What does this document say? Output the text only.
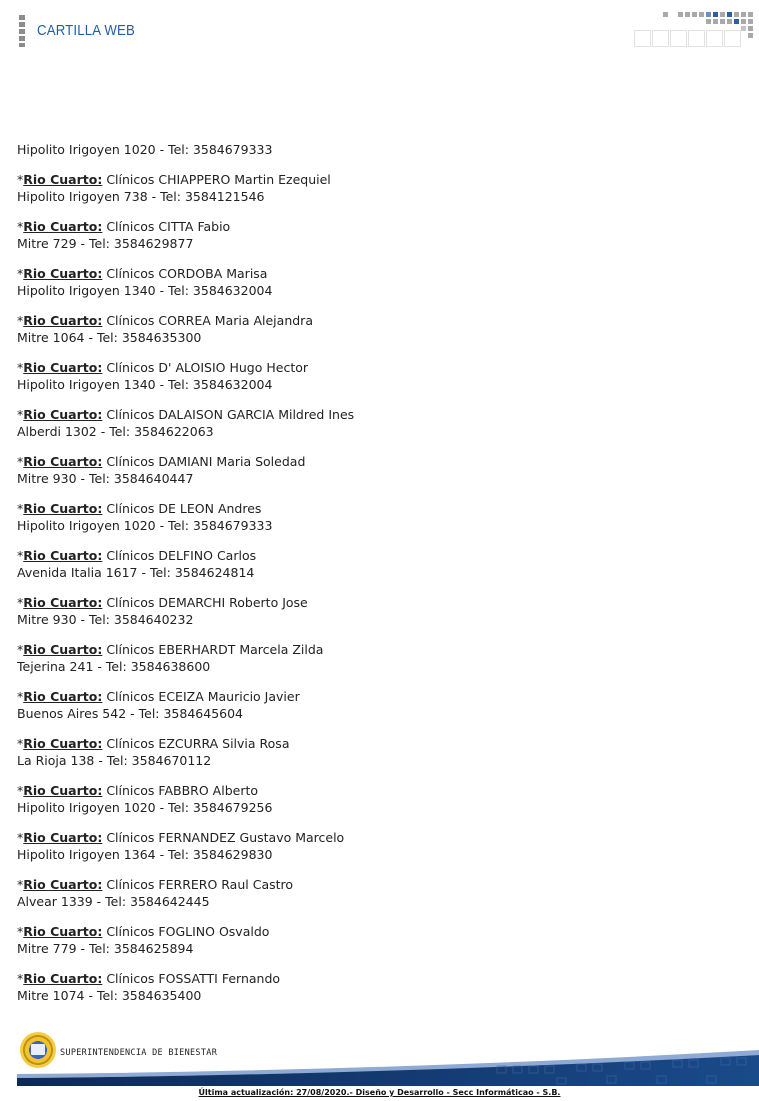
CARTILLA WEB
Hipolito Irigoyen 1020 - Tel: 3584679333

*Rio Cuarto: Clínicos CHIAPPERO Martin Ezequiel

Hipolito Irigoyen 738 - Tel: 3584121546

*Rio Cuarto: Clínicos CITTA Fabio

Mitre 729 - Tel: 3584629877

*Rio Cuarto: Clínicos CORDOBA Marisa

Hipolito Irigoyen 1340 - Tel: 3584632004

*Rio Cuarto: Clínicos CORREA Maria Alejandra

Mitre 1064 - Tel: 3584635300

*Rio Cuarto: Clínicos D' ALOISIO Hugo Hector

Hipolito Irigoyen 1340 - Tel: 3584632004

*Rio Cuarto: Clínicos DALAISON GARCIA Mildred Ines

Alberdi 1302 - Tel: 3584622063

*Rio Cuarto: Clínicos DAMIANI Maria Soledad

Mitre 930 - Tel: 3584640447

*Rio Cuarto: Clínicos DE LEON Andres

Hipolito Irigoyen 1020 - Tel: 3584679333

*Rio Cuarto: Clínicos DELFINO Carlos

Avenida Italia 1617 - Tel: 3584624814

*Rio Cuarto: Clínicos DEMARCHI Roberto Jose

Mitre 930 - Tel: 3584640232

*Rio Cuarto: Clínicos EBERHARDT Marcela Zilda

Tejerina 241 - Tel: 3584638600

*Rio Cuarto: Clínicos ECEIZA Mauricio Javier

Buenos Aires 542 - Tel: 3584645604

*Rio Cuarto: Clínicos EZCURRA Silvia Rosa

La Rioja 138 - Tel: 3584670112

*Rio Cuarto: Clínicos FABBRO Alberto

Hipolito Irigoyen 1020 - Tel: 3584679256

*Rio Cuarto: Clínicos FERNANDEZ Gustavo Marcelo

Hipolito Irigoyen 1364 - Tel: 3584629830

*Rio Cuarto: Clínicos FERRERO Raul Castro

Alvear 1339 - Tel: 3584642445

*Rio Cuarto: Clínicos FOGLINO Osvaldo

Mitre 779 - Tel: 3584625894

*Rio Cuarto: Clínicos FOSSATTI Fernando

Mitre 1074 - Tel: 3584635400

SUPERINTENDENCIA DE BIENESTAR
Última actualización: 27/08/2020.- Diseño y Desarrollo - Secc Informáticao - S.B.
